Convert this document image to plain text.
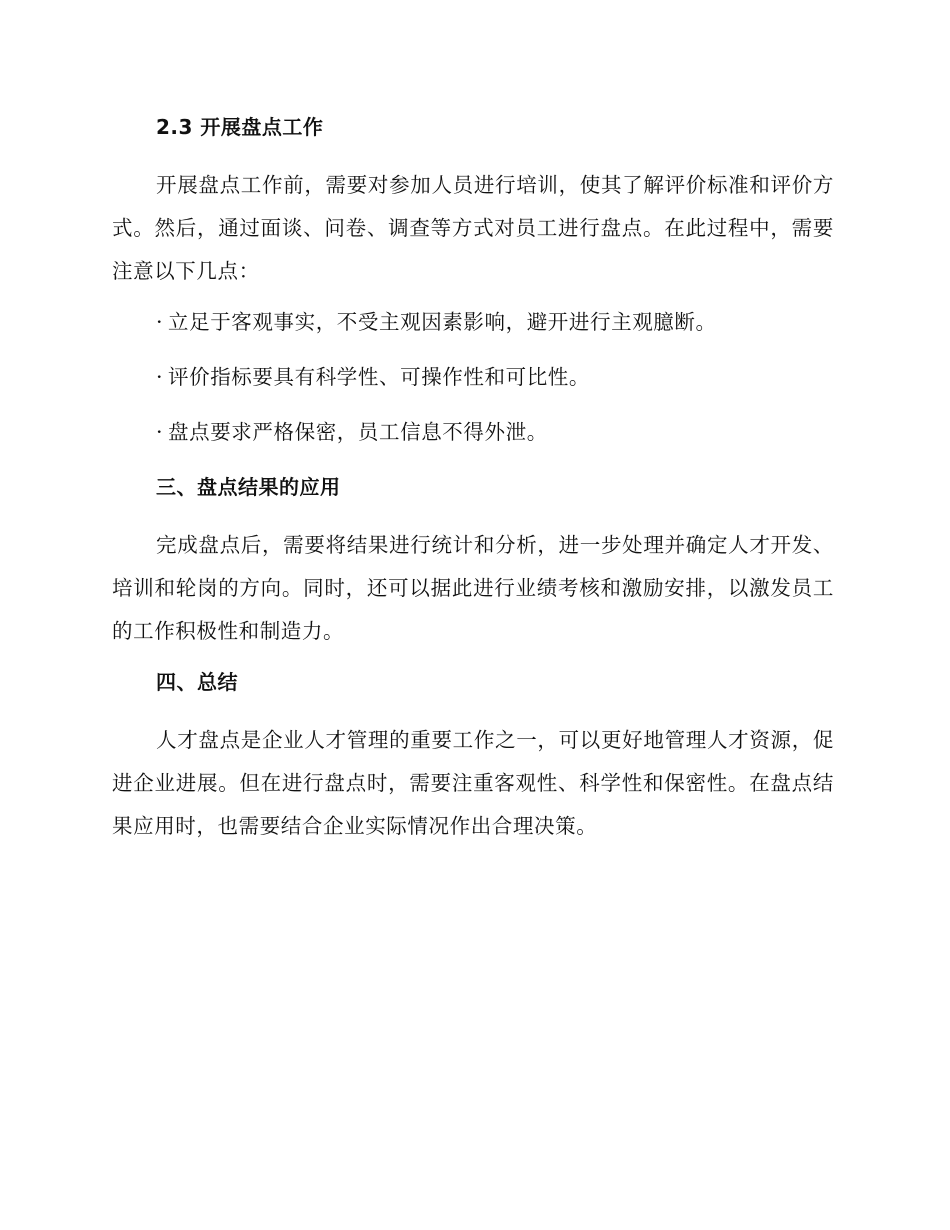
2.3 开展盘点工作

开展盘点工作前，需要对参加人员进行培训，使其了解评价标准和评价方式。然后，通过面谈、问卷、调查等方式对员工进行盘点。在此过程中，需要注意以下几点：

· 立足于客观事实，不受主观因素影响，避开进行主观臆断。
· 评价指标要具有科学性、可操作性和可比性。
· 盘点要求严格保密，员工信息不得外泄。
三、盘点结果的应用

完成盘点后，需要将结果进行统计和分析，进一步处理并确定人才开发、培训和轮岗的方向。同时，还可以据此进行业绩考核和激励安排，以激发员工的工作积极性和制造力。

四、总结

人才盘点是企业人才管理的重要工作之一，可以更好地管理人才资源，促进企业进展。但在进行盘点时，需要注重客观性、科学性和保密性。在盘点结果应用时，也需要结合企业实际情况作出合理决策。
